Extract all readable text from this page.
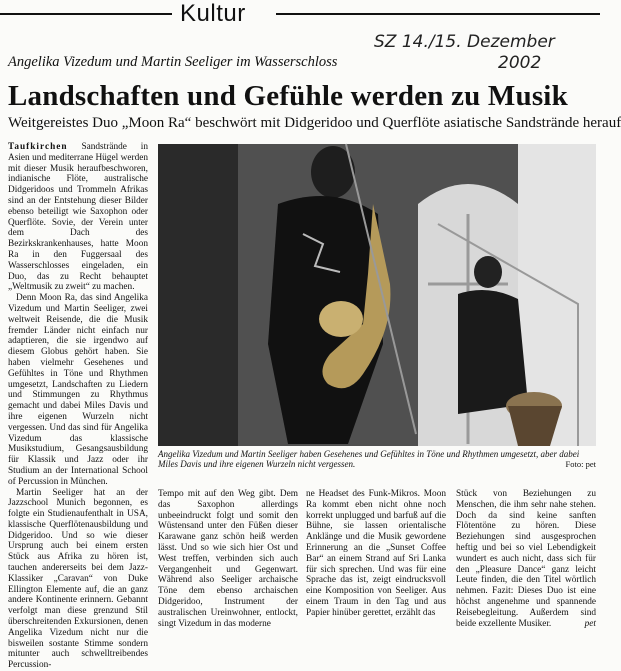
Kultur
SZ 14./15. Dezember
2002
Angelika Vizedum und Martin Seeliger im Wasserschloss
Landschaften und Gefühle werden zu Musik
Weitgereistes Duo „Moon Ra“ beschwört mit Didgeridoo und Querflöte asiatische Sandstrände herauf

Taufkirchen Sandstrände in Asien und mediterrane Hügel werden mit dieser Musik heraufbeschworen, indianische Flöte, australische Didgeridoos und Trommeln Afrikas sind an der Entstehung dieser Bilder ebenso beteiligt wie Saxophon oder Querflöte. Sovie, der Verein unter dem Dach des Bezirkskrankenhauses, hatte Moon Ra in den Fuggersaal des Wasserschlosses eingeladen, ein Duo, das zu Recht behauptet „Weltmusik zu zweit“ zu machen.

Denn Moon Ra, das sind Angelika Vizedum und Martin Seeliger, zwei weltweit Reisende, die die Musik fremder Länder nicht einfach nur adaptieren, die sie irgendwo auf diesem Globus gehört haben. Sie haben vielmehr Gesehenes und Gefühltes in Töne und Rhythmen umgesetzt, Landschaften zu Liedern und Stimmungen zu Rhythmus gemacht und dabei Miles Davis und ihre eigenen Wurzeln nicht vergessen. Und das sind für Angelika Vizedum das klassische Musikstudium, Gesangsausbildung für Klassik und Jazz oder ihr Studium an der International School of Percussion in München.

Martin Seeliger hat an der Jazzschool Munich begonnen, es folgte ein Studienaufenthalt in USA, klassische Querflötenausbildung und Didgeridoo. Und so wie dieser Ursprung auch bei einem ersten Stück aus Afrika zu hören ist, tauchen andererseits bei dem Jazz-Klassiker „Caravan“ von Duke Ellington Elemente auf, die an ganz andere Kontinente erinnern. Gebannt verfolgt man diese grenzund Stil überschreitenden Exkursionen, denen Angelika Vizedum nicht nur die bisweilen sostante Stimme sondern mitunter auch schwelltreibendes Percussion-

Angelika Vizedum und Martin Seeliger haben Gesehenes und Gefühltes in Töne und Rhythmen umgesetzt, aber dabei Miles Davis und ihre eigenen Wurzeln nicht vergessen.	Foto: pet
Tempo mit auf den Weg gibt. Dem das Saxophon allerdings unbeeindruckt folgt und somit den Wüstensand unter den Füßen dieser Karawane ganz schön heiß werden lässt. Und so wie sich hier Ost und West treffen, verbinden sich auch Vergangenheit und Gegenwart. Während also Seeliger archaische Töne dem ebenso archaischen Didgeridoo, Instrument der australischen Ureinwohner, entlockt, singt Vizedum in das moderne
ne Headset des Funk-Mikros. Moon Ra kommt eben nicht ohne noch korrekt unplugged und barfuß auf die Bühne, sie lassen orientalische Anklänge und die Musik gewordene Erinnerung an die „Sunset Coffee Bar“ an einem Strand auf Sri Lanka für sich sprechen. Und was für eine Sprache das ist, zeigt eindrucksvoll eine Komposition von Seeliger. Aus einem Traum in den Tag und aus Papier hinüber gerettet, erzählt das
Stück von Beziehungen zu Menschen, die ihm sehr nahe stehen. Doch da sind keine sanften Flötentöne zu hören. Diese Beziehungen sind ausgesprochen heftig und bei so viel Lebendigkeit wundert es auch nicht, dass sich für den „Pleasure Dance“ ganz leicht Leute finden, die den Titel wörtlich nehmen. Fazit: Dieses Duo ist eine höchst angenehme und spannende Reisebegleitung. Außerdem sind beide exzellente Musiker.	pet
